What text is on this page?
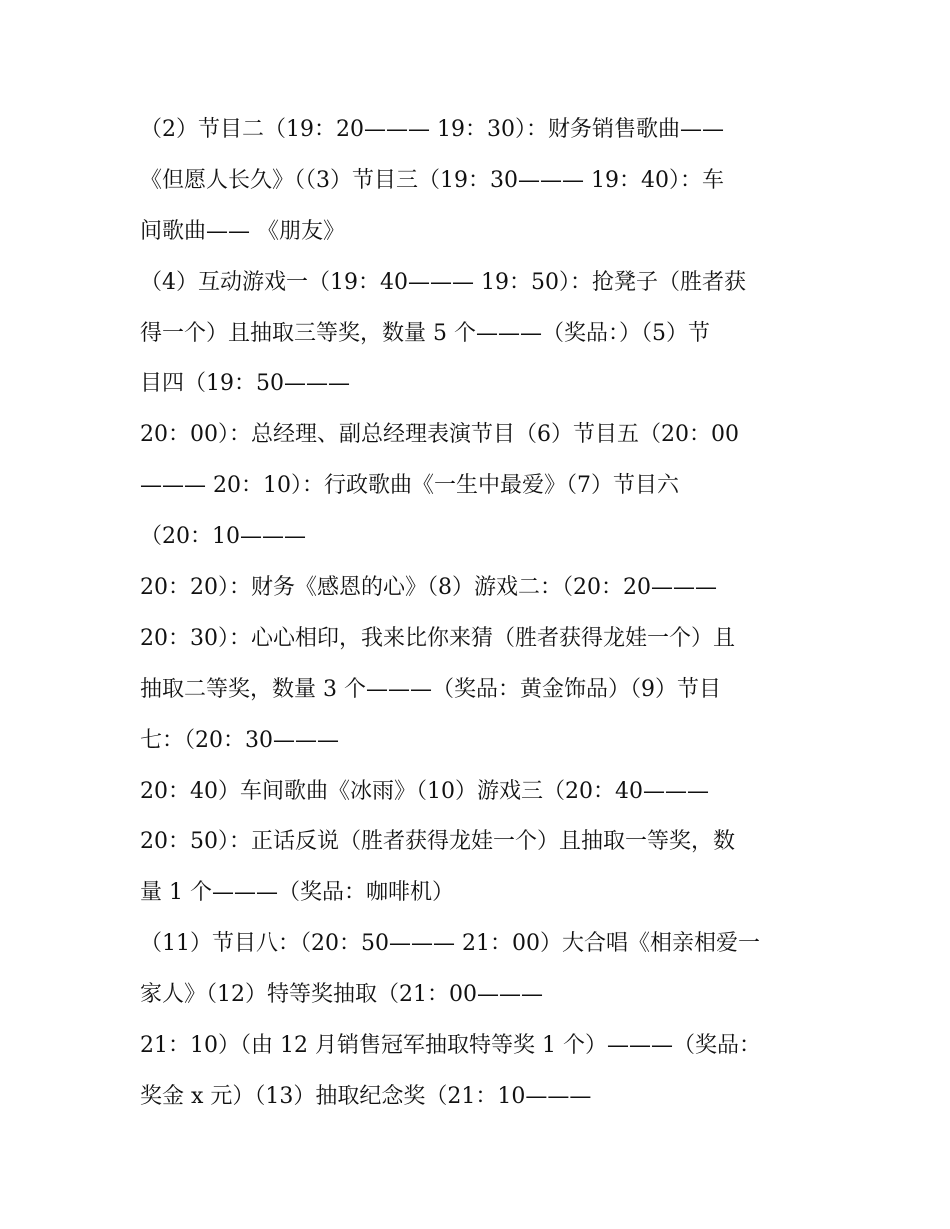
（2）节目二（19：20——— 19：30）：财务销售歌曲——
《但愿人长久》（（3）节目三（19：30——— 19：40）：车
间歌曲—— 《朋友》
（4）互动游戏一（19：40——— 19：50）：抢凳子（胜者获
得一个）且抽取三等奖，数量 5 个———（奖品：）（5）节
目四（19：50———
20：00）：总经理、副总经理表演节目（6）节目五（20：00
——— 20：10）：行政歌曲《一生中最爱》（7）节目六
（20：10———
20：20）：财务《感恩的心》（8）游戏二：（20：20———
20：30）：心心相印，我来比你来猜（胜者获得龙娃一个）且
抽取二等奖，数量 3 个———（奖品：黄金饰品）（9）节目
七：（20：30———
20：40）车间歌曲《冰雨》（10）游戏三（20：40———
20：50）：正话反说（胜者获得龙娃一个）且抽取一等奖，数
量 1 个———（奖品：咖啡机）
（11）节目八：（20：50——— 21：00）大合唱《相亲相爱一
家人》（12）特等奖抽取（21：00———
21：10）（由 12 月销售冠军抽取特等奖 1 个）———（奖品：
奖金 x 元）（13）抽取纪念奖（21：10———
